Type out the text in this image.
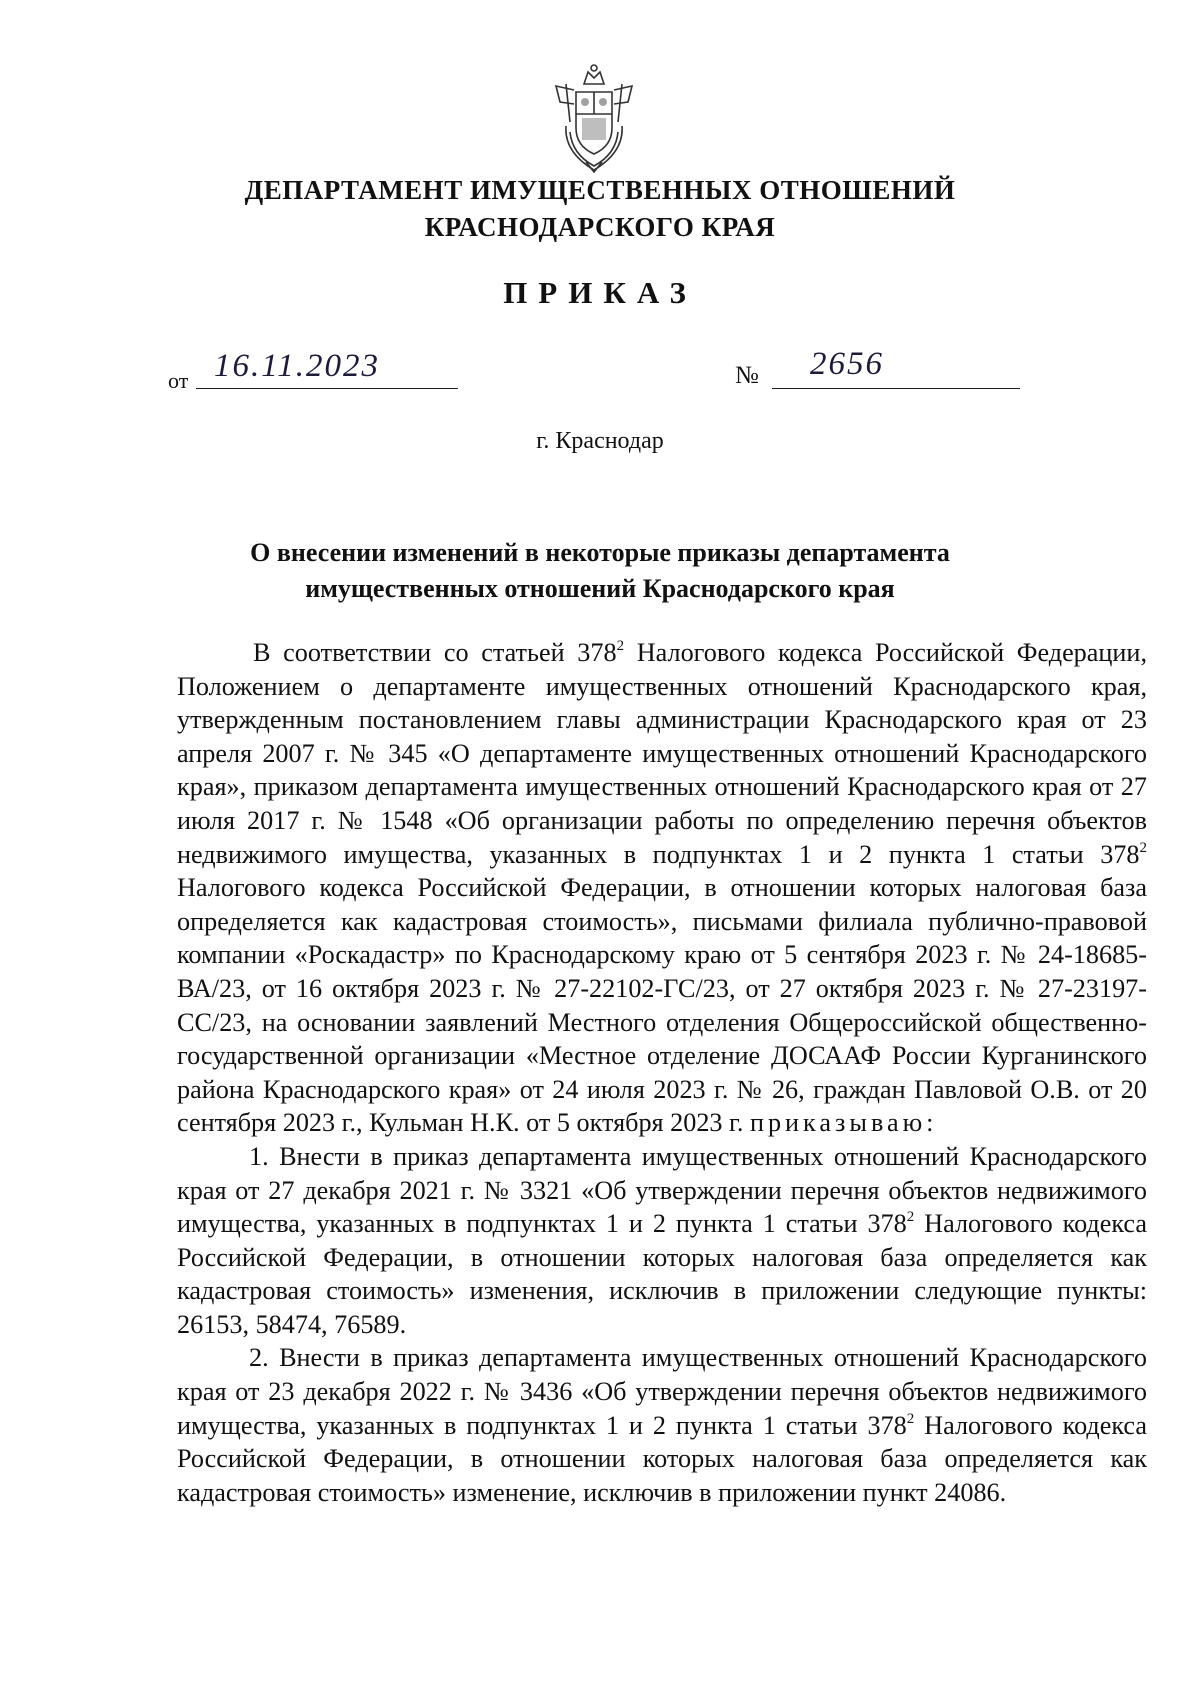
ДЕПАРТАМЕНТ ИМУЩЕСТВЕННЫХ ОТНОШЕНИЙ
КРАСНОДАРСКОГО КРАЯ
ПРИКАЗ
от 16.11.2023	№ 2656
г. Краснодар
О внесении изменений в некоторые приказы департамента
имущественных отношений Краснодарского края

В соответствии со статьей $378^2$ Налогового кодекса Российской Федерации, Положением о департаменте имущественных отношений Краснодарского края, утвержденным постановлением главы администрации Краснодарского края от 23 апреля 2007 г. № 345 «О департаменте имущественных отношений Краснодарского края», приказом департамента имущественных отношений Краснодарского края от 27 июля 2017 г. № 1548 «Об организации работы по определению перечня объектов недвижимого имущества, указанных в подпунктах 1 и 2 пункта 1 статьи $378^2$ Налогового кодекса Российской Федерации, в отношении которых налоговая база определяется как кадастровая стоимость», письмами филиала публично-правовой компании «Роскадастр» по Краснодарскому краю от 5 сентября 2023 г. № 24-18685-ВА/23, от 16 октября 2023 г. № 27-22102-ГС/23, от 27 октября 2023 г. № 27-23197-СС/23, на основании заявлений Местного отделения Общероссийской общественно-государственной организации «Местное отделение ДОСААФ России Курганинского района Краснодарского края» от 24 июля 2023 г. № 26, граждан Павловой О.В. от 20 сентября 2023 г., Кульман Н.К. от 5 октября 2023 г. приказываю:

1. Внести в приказ департамента имущественных отношений Краснодарского края от 27 декабря 2021 г. № 3321 «Об утверждении перечня объектов недвижимого имущества, указанных в подпунктах 1 и 2 пункта 1 статьи $378^2$ Налогового кодекса Российской Федерации, в отношении которых налоговая база определяется как кадастровая стоимость» изменения, исключив в приложении следующие пункты: 26153, 58474, 76589.

2. Внести в приказ департамента имущественных отношений Краснодарского края от 23 декабря 2022 г. № 3436 «Об утверждении перечня объектов недвижимого имущества, указанных в подпунктах 1 и 2 пункта 1 статьи $378^2$ Налогового кодекса Российской Федерации, в отношении которых налоговая база определяется как кадастровая стоимость» изменение, исключив в приложении пункт 24086.
